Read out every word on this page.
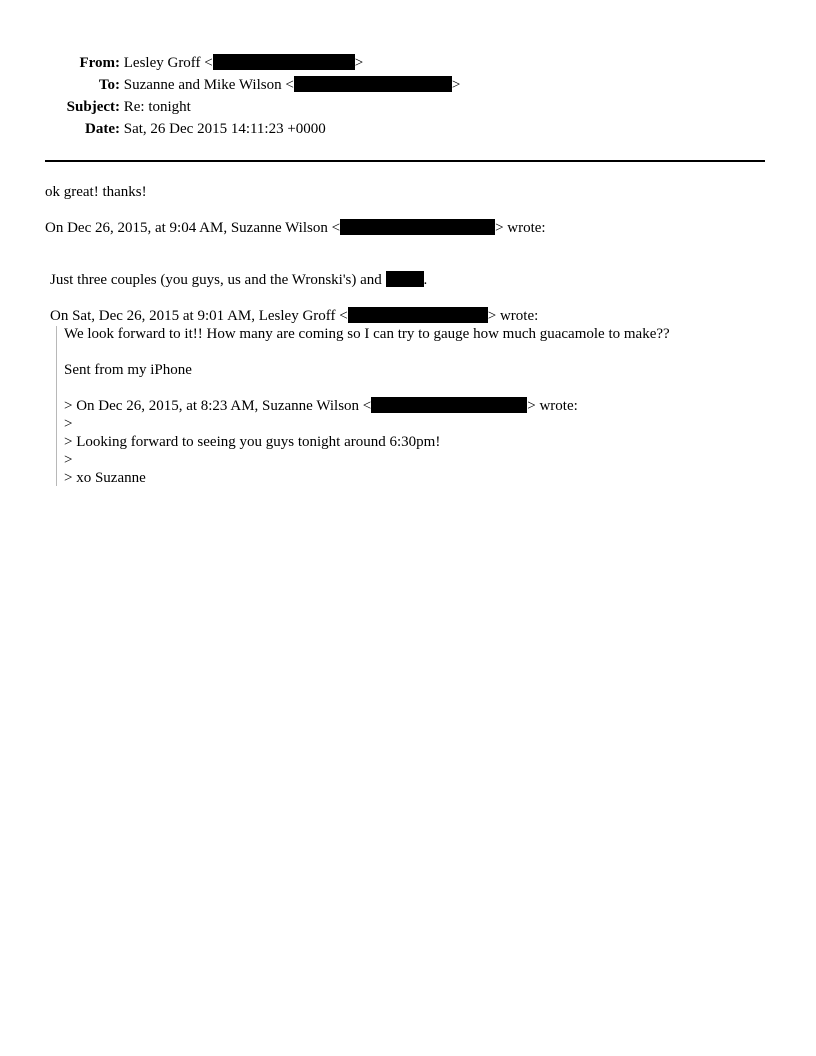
From: Lesley Groff <	>
To: Suzanne and Mike Wilson <	>
Subject: Re: tonight
Date: Sat, 26 Dec 2015 14:11:23 +0000
ok great! thanks!
On Dec 26, 2015, at 9:04 AM, Suzanne Wilson <	> wrote:
Just three couples (you guys, us and the Wronski's) and	.
On Sat, Dec 26, 2015 at 9:01 AM, Lesley Groff <	> wrote:
We look forward to it!! How many are coming so I can try to gauge how much guacamole to make??
Sent from my iPhone
> On Dec 26, 2015, at 8:23 AM, Suzanne Wilson <	> wrote:
>
> Looking forward to seeing you guys tonight around 6:30pm!
>
> xo Suzanne
